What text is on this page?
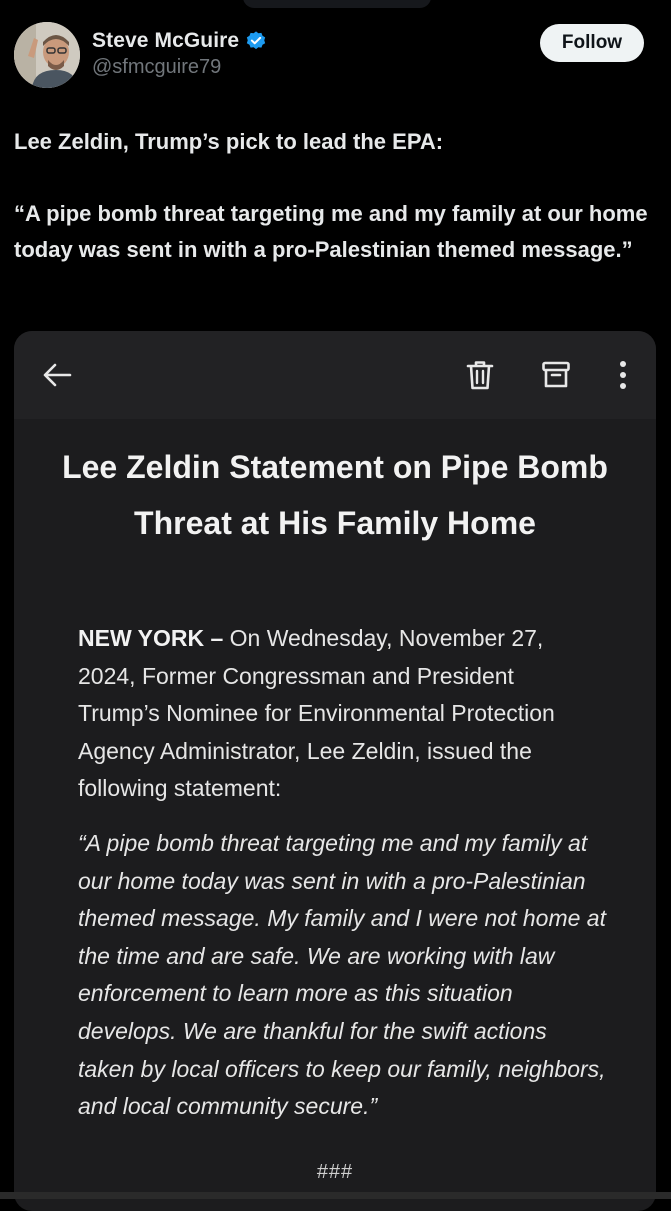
Steve McGuire
@sfmcguire79
Follow

Lee Zeldin, Trump’s pick to lead the EPA:

“A pipe bomb threat targeting me and my family at our home today was sent in with a pro-Palestinian themed message.”

Lee Zeldin Statement on Pipe Bomb Threat at His Family Home
NEW YORK – On Wednesday, November 27, 2024, Former Congressman and President Trump’s Nominee for Environmental Protection Agency Administrator, Lee Zeldin, issued the following statement:
“A pipe bomb threat targeting me and my family at our home today was sent in with a pro-Palestinian themed message. My family and I were not home at the time and are safe. We are working with law enforcement to learn more as this situation develops. We are thankful for the swift actions taken by local officers to keep our family, neighbors, and local community secure.”
###
